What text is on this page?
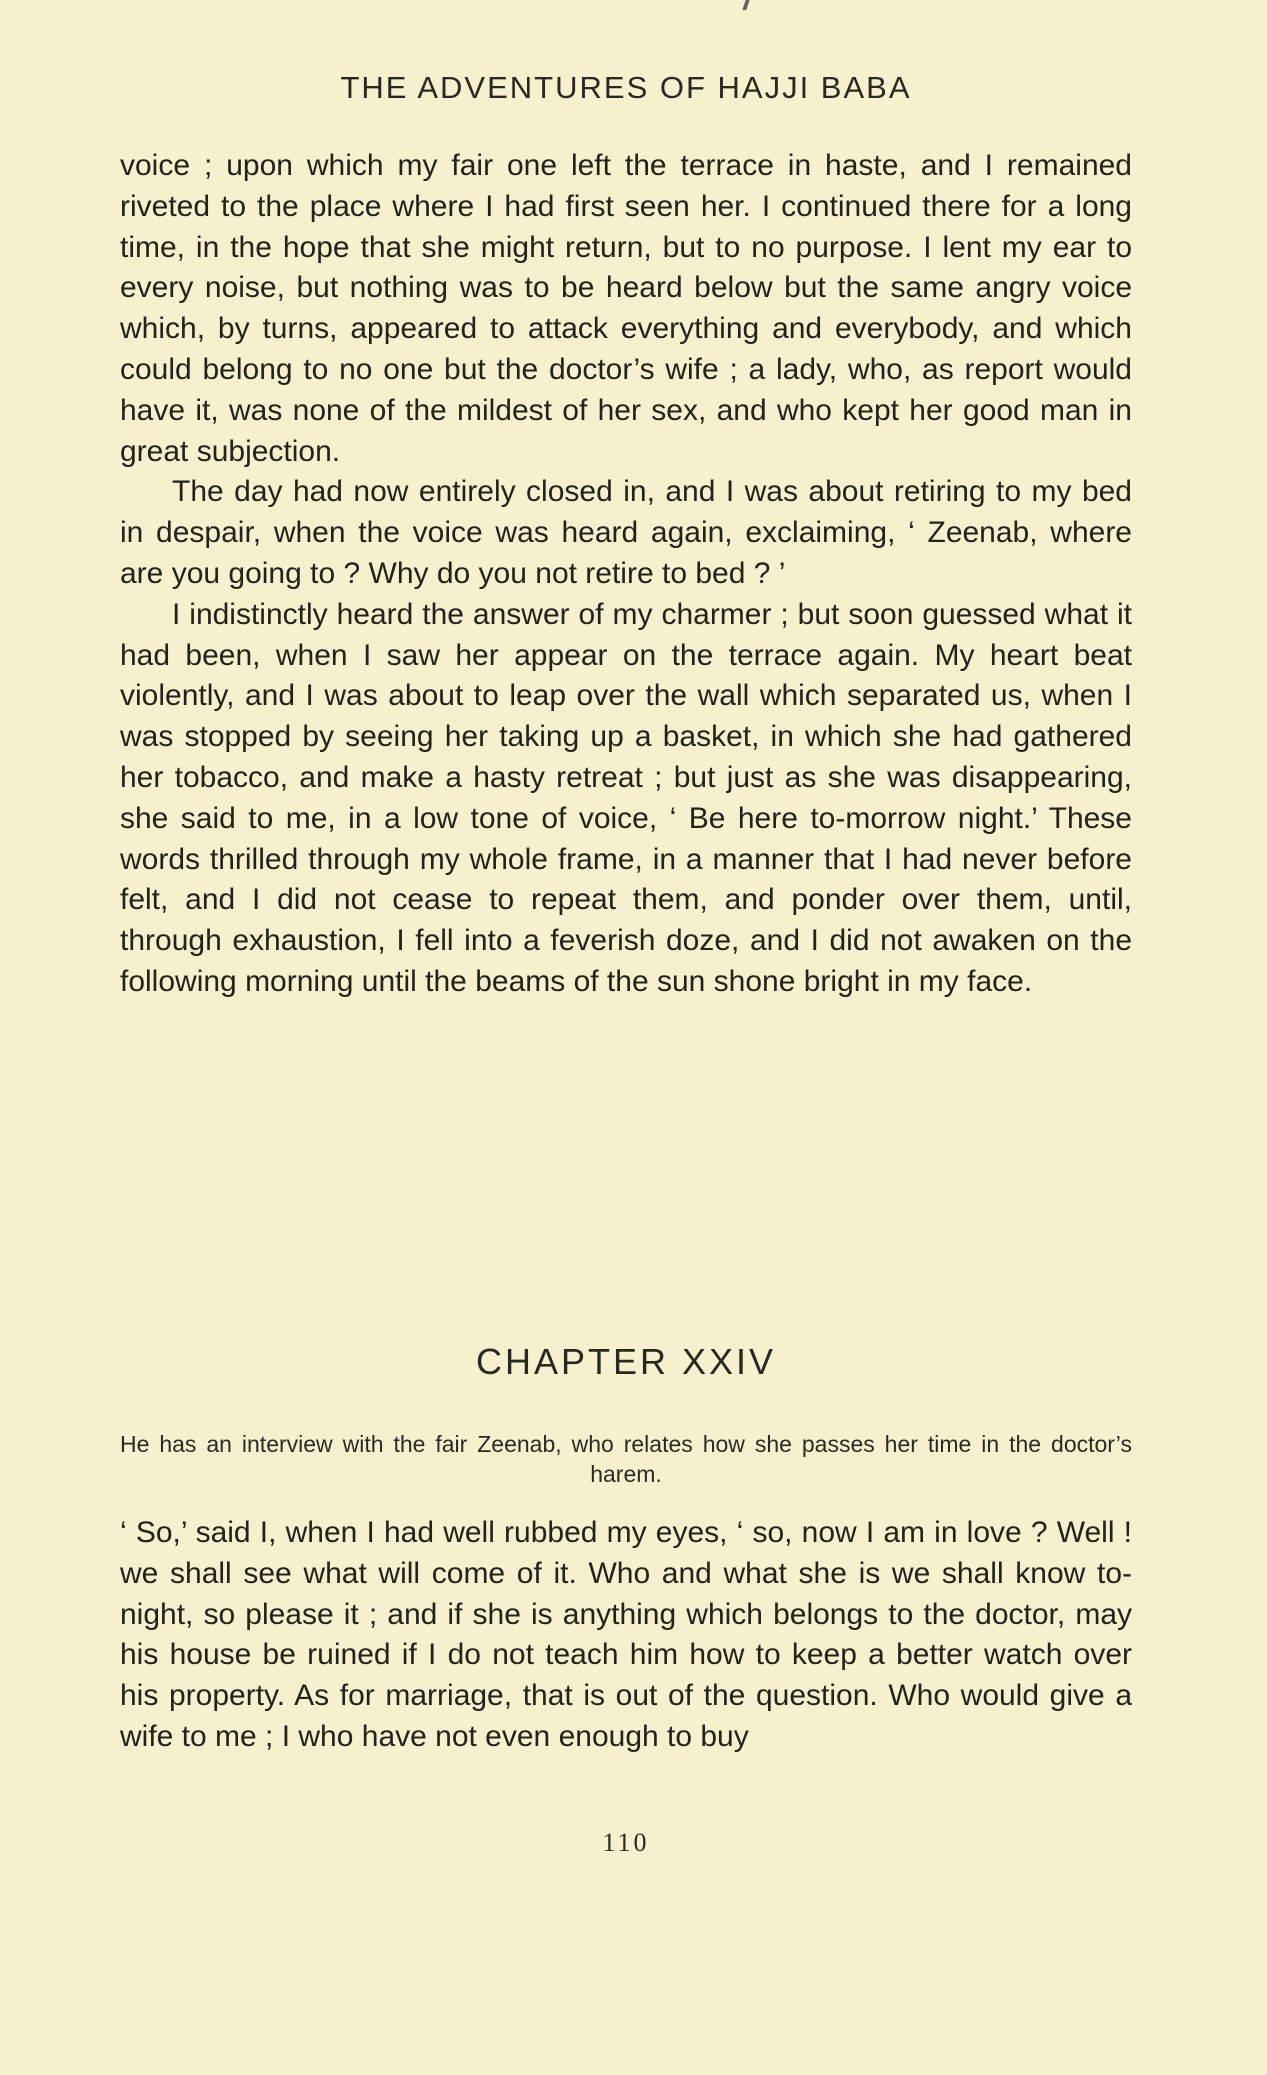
THE ADVENTURES OF HAJJI BABA

voice ; upon which my fair one left the terrace in haste, and I remained riveted to the place where I had first seen her. I continued there for a long time, in the hope that she might return, but to no purpose. I lent my ear to every noise, but nothing was to be heard below but the same angry voice which, by turns, appeared to attack everything and everybody, and which could belong to no one but the doctor’s wife ; a lady, who, as report would have it, was none of the mildest of her sex, and who kept her good man in great subjection.

The day had now entirely closed in, and I was about retiring to my bed in despair, when the voice was heard again, exclaiming, ‘ Zeenab, where are you going to ? Why do you not retire to bed ? ’

I indistinctly heard the answer of my charmer ; but soon guessed what it had been, when I saw her appear on the terrace again. My heart beat violently, and I was about to leap over the wall which separated us, when I was stopped by seeing her taking up a basket, in which she had gathered her tobacco, and make a hasty retreat ; but just as she was disappearing, she said to me, in a low tone of voice, ‘ Be here to-morrow night.’ These words thrilled through my whole frame, in a manner that I had never before felt, and I did not cease to repeat them, and ponder over them, until, through exhaustion, I fell into a feverish doze, and I did not awaken on the following morning until the beams of the sun shone bright in my face.

CHAPTER XXIV
He has an interview with the fair Zeenab, who relates how she passes her time in the doctor’s harem.

‘ So,’ said I, when I had well rubbed my eyes, ‘ so, now I am in love ? Well ! we shall see what will come of it. Who and what she is we shall know to-night, so please it ; and if she is anything which belongs to the doctor, may his house be ruined if I do not teach him how to keep a better watch over his property. As for marriage, that is out of the question. Who would give a wife to me ; I who have not even enough to buy

110
